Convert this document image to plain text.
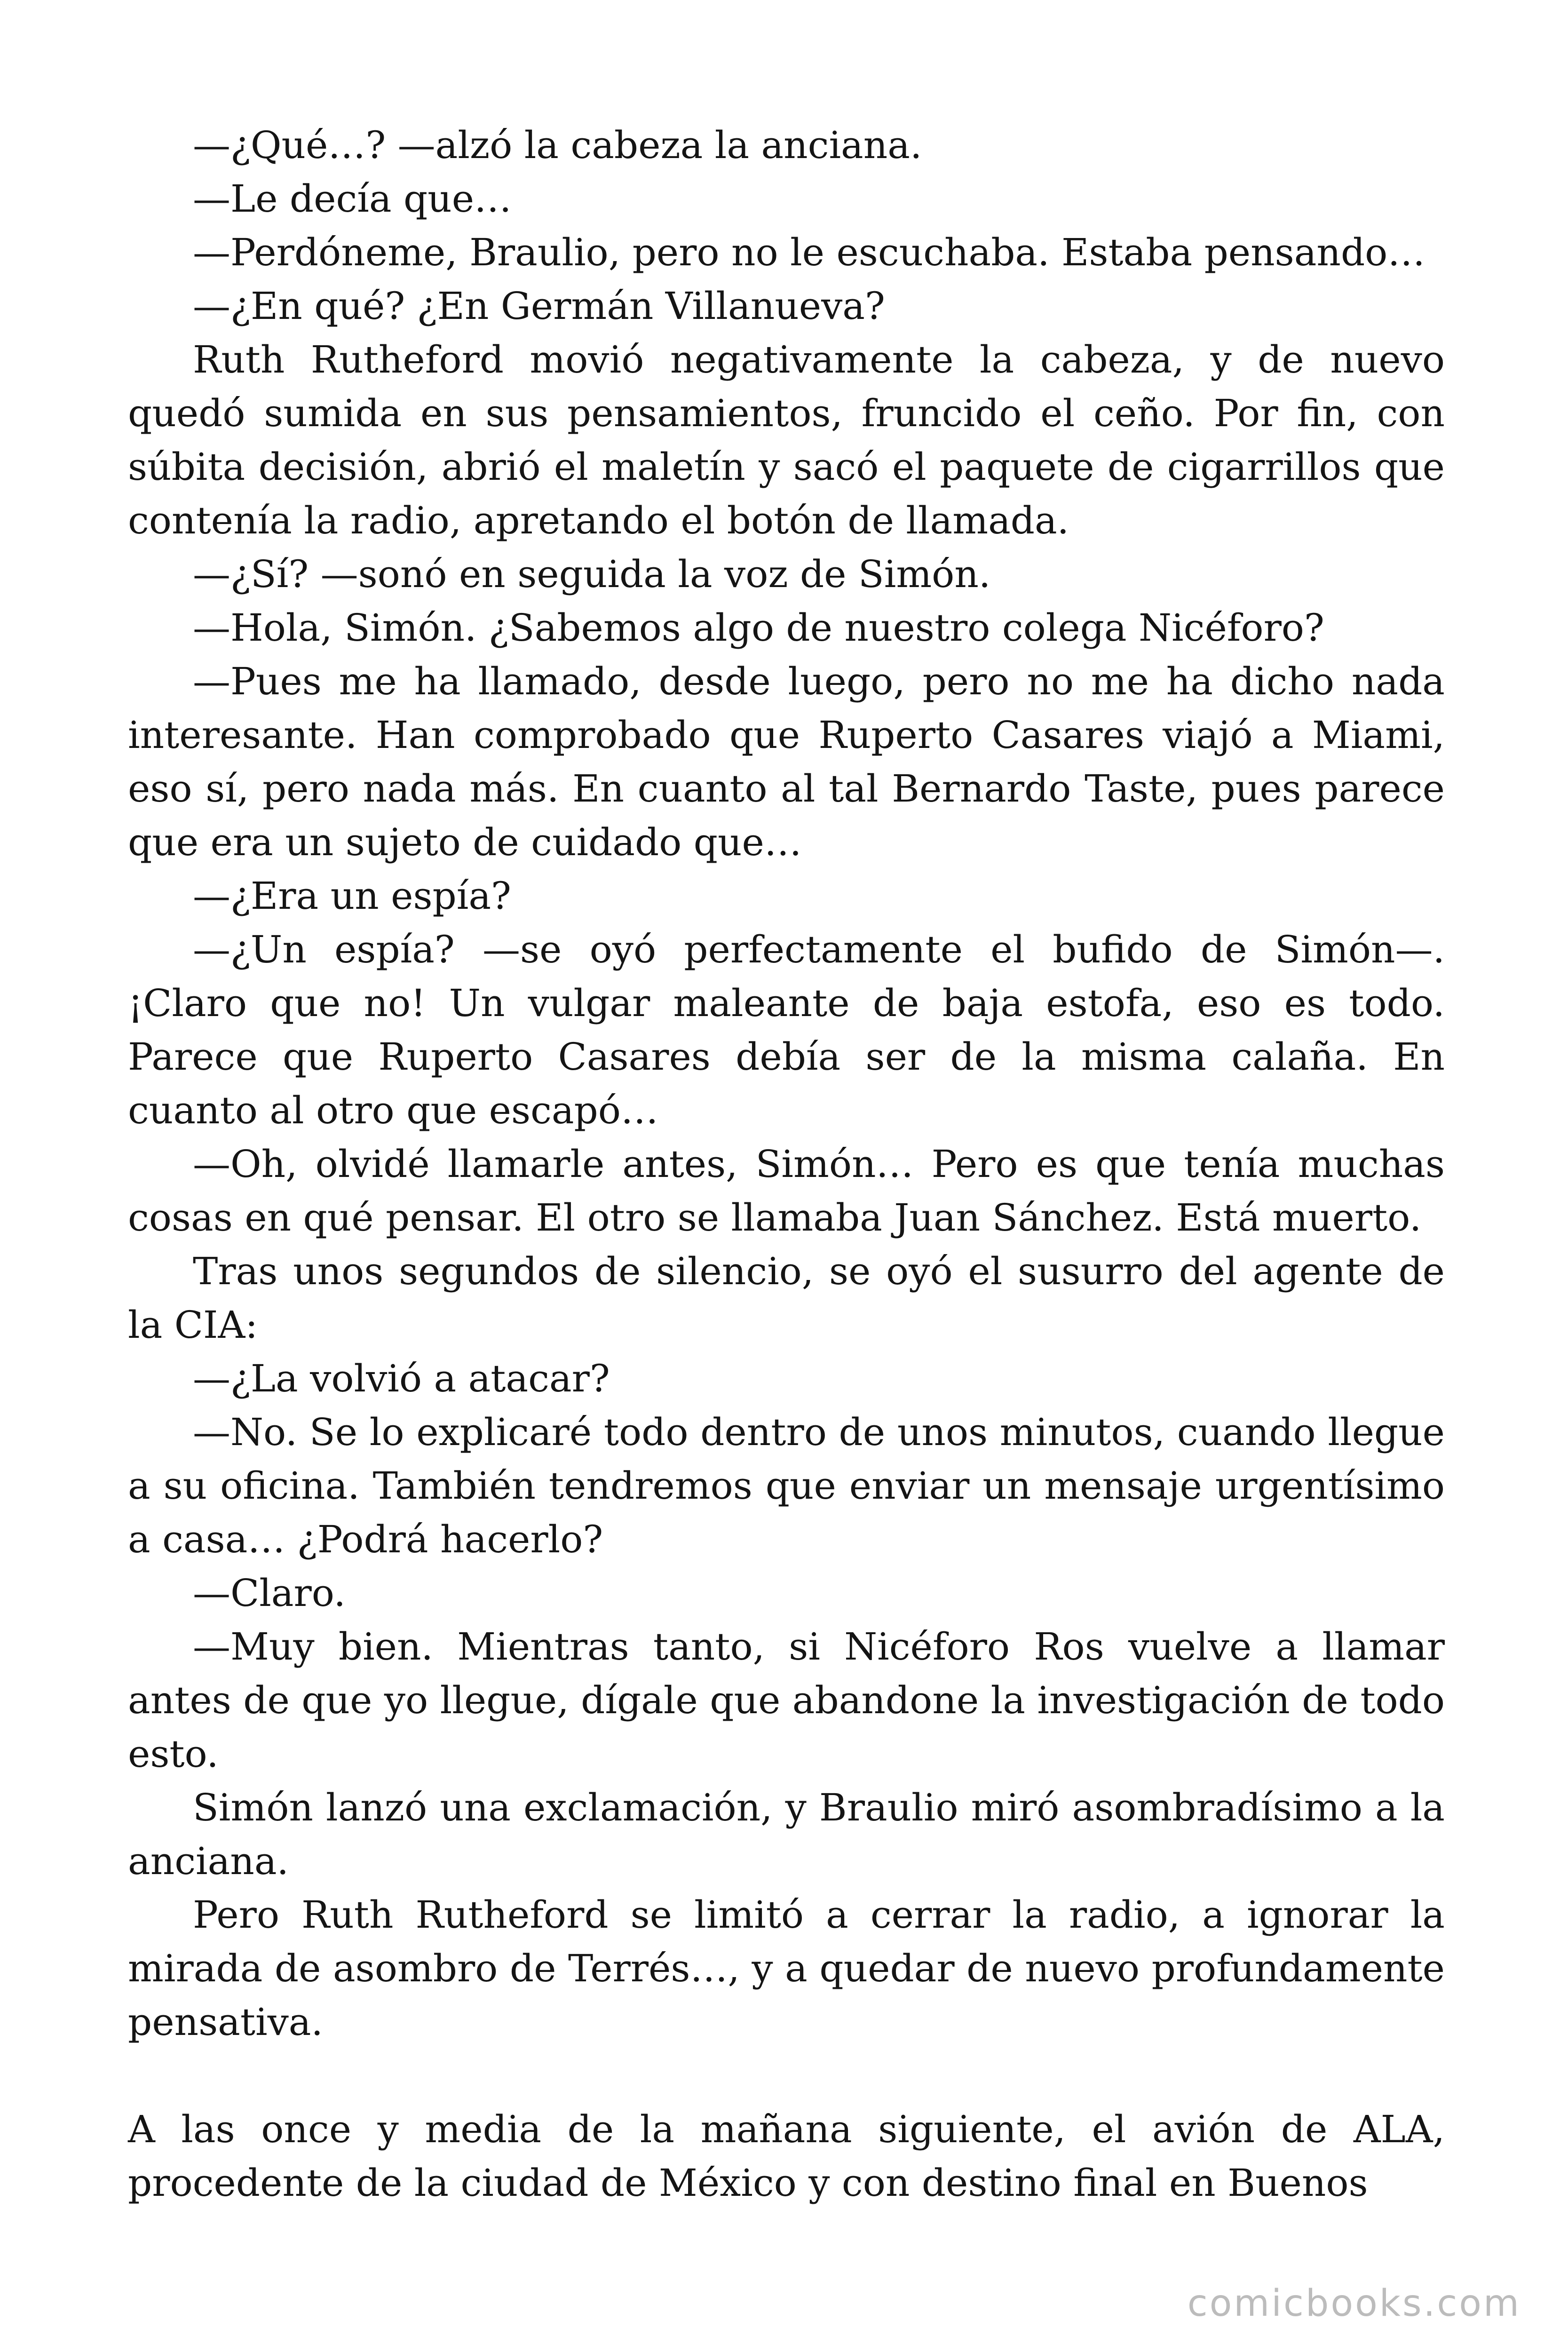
—¿Qué…? —alzó la cabeza la anciana.

—Le decía que…

—Perdóneme, Braulio, pero no le escuchaba. Estaba pensando…

—¿En qué? ¿En Germán Villanueva?

Ruth Rutheford movió negativamente la cabeza, y de nuevo quedó sumida en sus pensamientos, fruncido el ceño. Por fin, con súbita decisión, abrió el maletín y sacó el paquete de cigarrillos que contenía la radio, apretando el botón de llamada.

—¿Sí? —sonó en seguida la voz de Simón.

—Hola, Simón. ¿Sabemos algo de nuestro colega Nicéforo?

—Pues me ha llamado, desde luego, pero no me ha dicho nada interesante. Han comprobado que Ruperto Casares viajó a Miami, eso sí, pero nada más. En cuanto al tal Bernardo Taste, pues parece que era un sujeto de cuidado que…

—¿Era un espía?

—¿Un espía? —se oyó perfectamente el bufido de Simón—. ¡Claro que no! Un vulgar maleante de baja estofa, eso es todo. Parece que Ruperto Casares debía ser de la misma calaña. En cuanto al otro que escapó…

—Oh, olvidé llamarle antes, Simón… Pero es que tenía muchas cosas en qué pensar. El otro se llamaba Juan Sánchez. Está muerto.

Tras unos segundos de silencio, se oyó el susurro del agente de la CIA:

—¿La volvió a atacar?

—No. Se lo explicaré todo dentro de unos minutos, cuando llegue a su oficina. También tendremos que enviar un mensaje urgentísimo a casa… ¿Podrá hacerlo?

—Claro.

—Muy bien. Mientras tanto, si Nicéforo Ros vuelve a llamar antes de que yo llegue, dígale que abandone la investigación de todo esto.

Simón lanzó una exclamación, y Braulio miró asombradísimo a la anciana.

Pero Ruth Rutheford se limitó a cerrar la radio, a ignorar la mirada de asombro de Terrés…, y a quedar de nuevo profundamente pensativa.

A las once y media de la mañana siguiente, el avión de ALA, procedente de la ciudad de México y con destino final en Buenos

comicbooks.com
